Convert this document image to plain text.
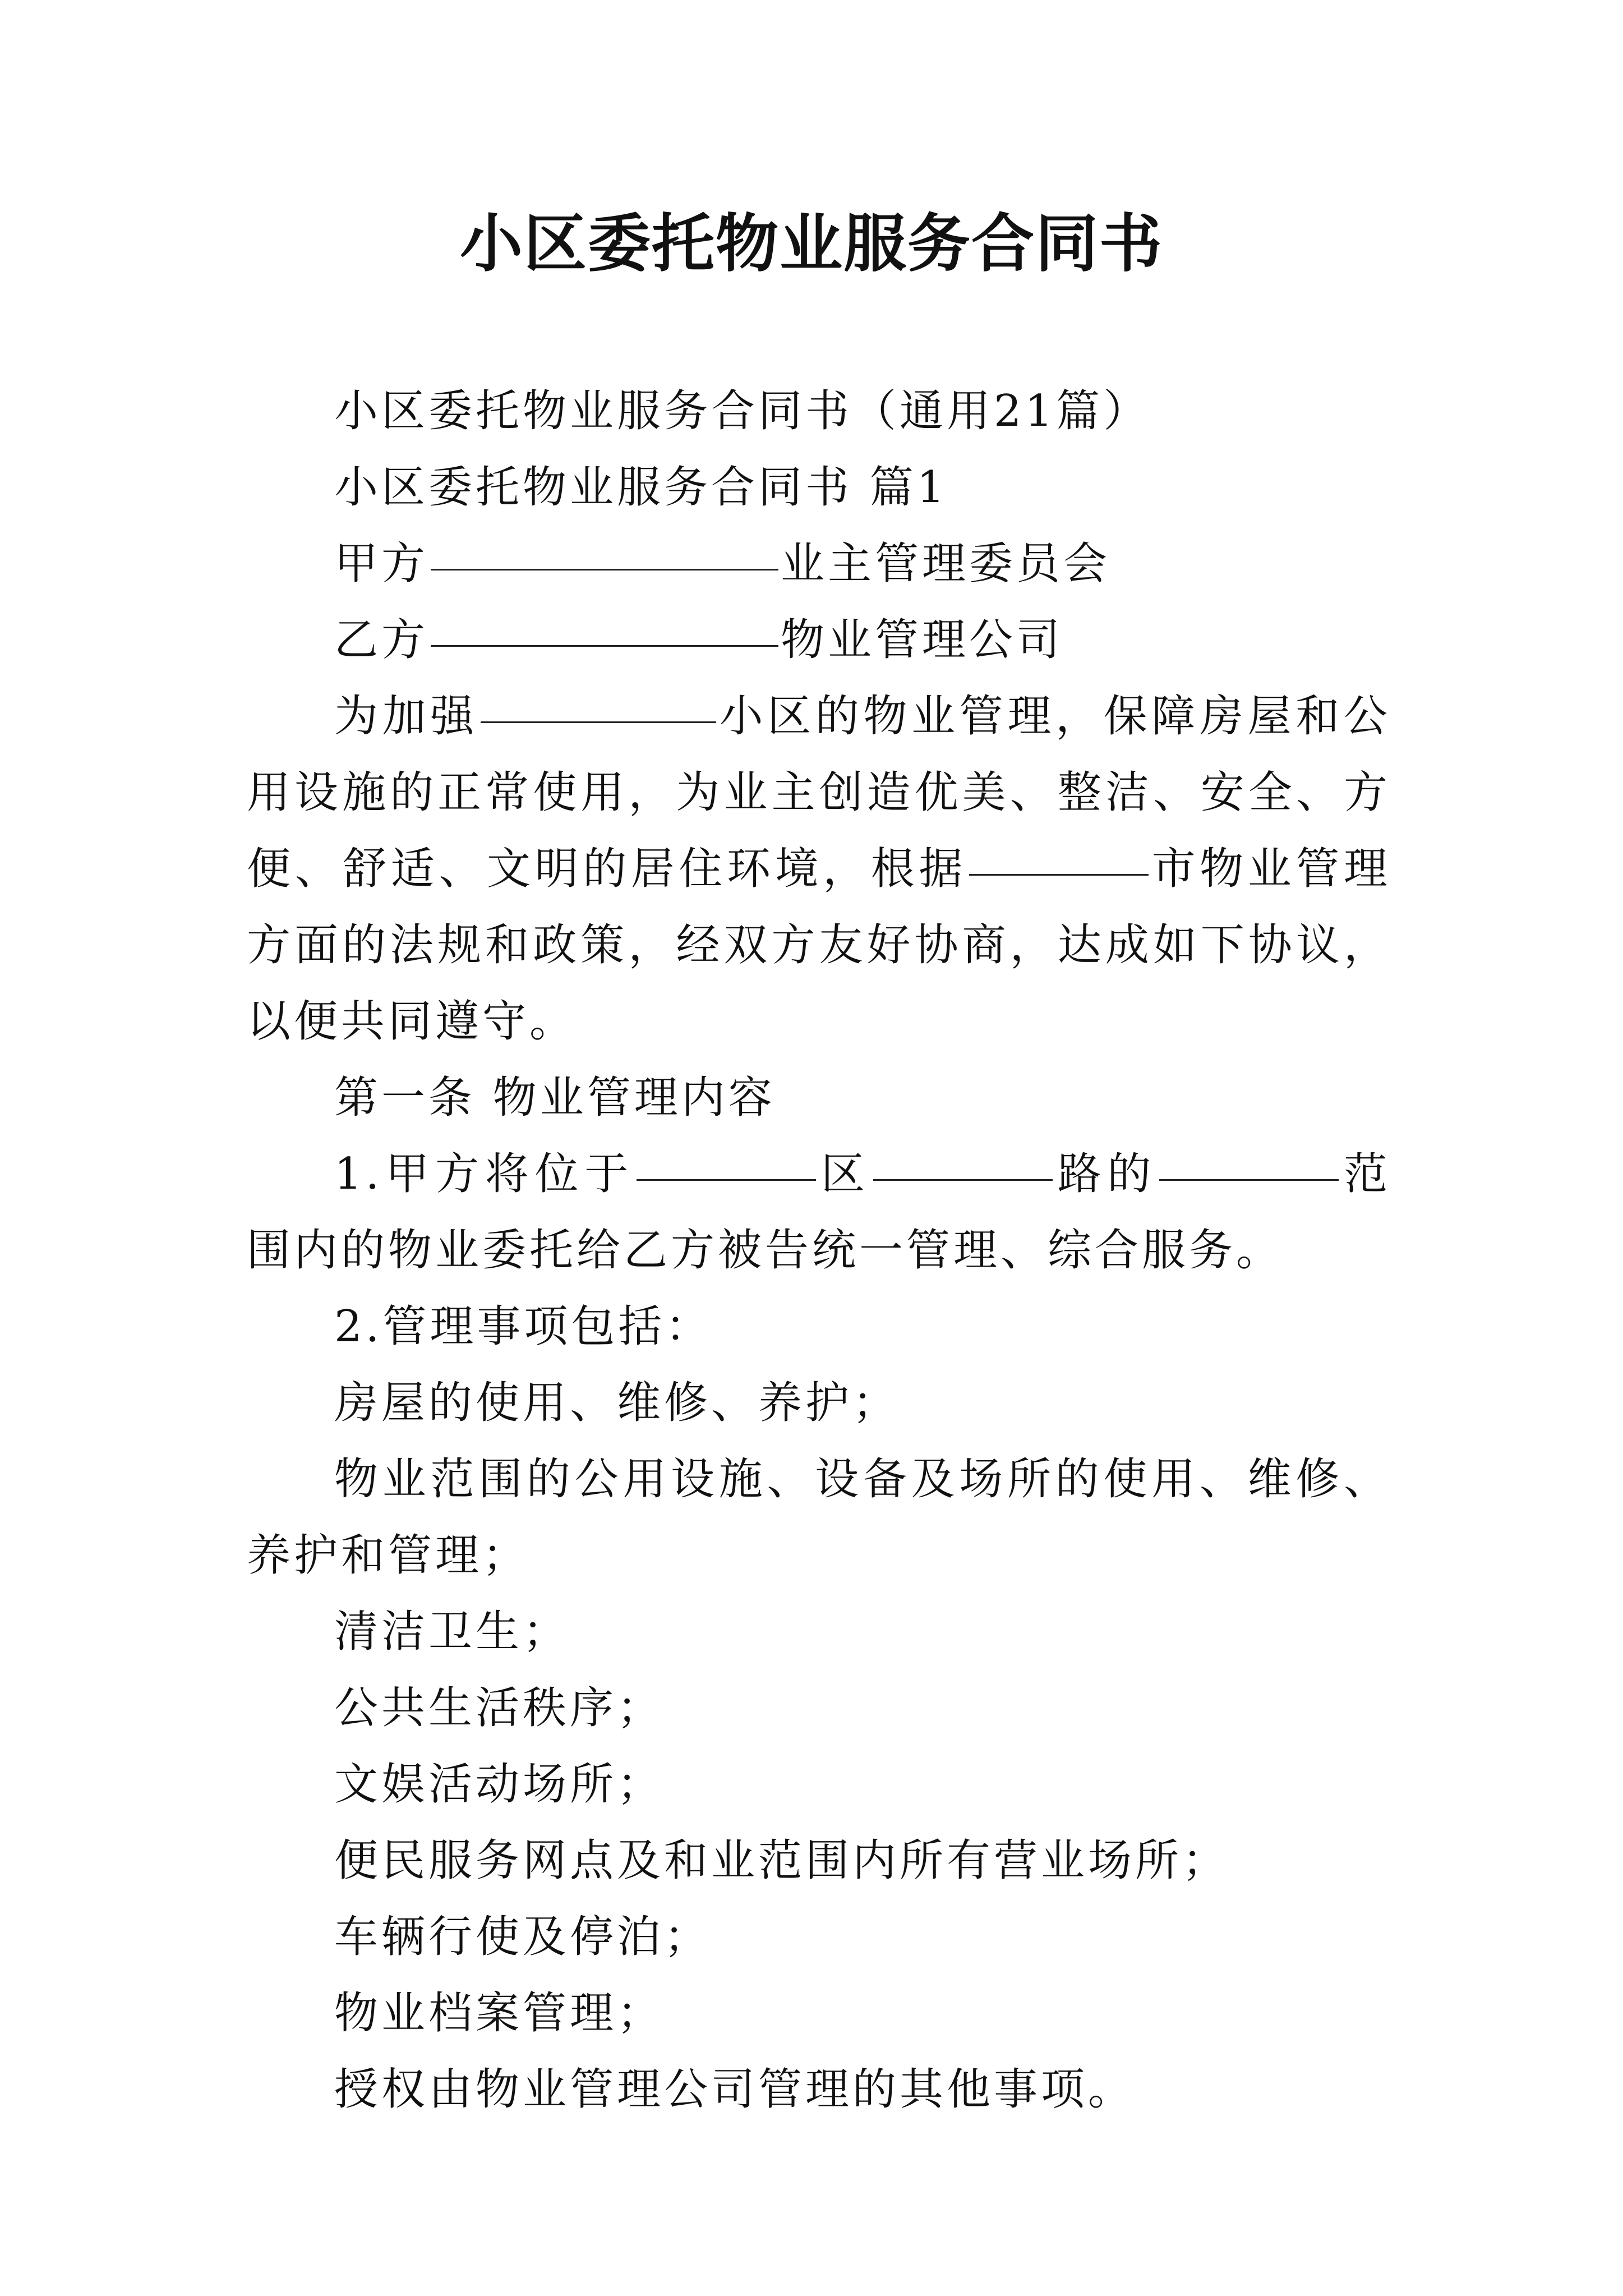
小区委托物业服务合同书

小区委托物业服务合同书（通用21篇）

小区委托物业服务合同书 篇1

甲方	业主管理委员会

乙方	物业管理公司

为加强	小区的物业管理，保障房屋和公用设施的正常使用，为业主创造优美、整洁、安全、方便、舒适、文明的居住环境，根据	市物业管理方面的法规和政策，经双方友好协商，达成如下协议，以便共同遵守。

第一条 物业管理内容

1.甲方将位于	区	路的	范围内的物业委托给乙方被告统一管理、综合服务。

2.管理事项包括：

房屋的使用、维修、养护；

物业范围的公用设施、设备及场所的使用、维修、养护和管理；

清洁卫生；

公共生活秩序；

文娱活动场所；

便民服务网点及和业范围内所有营业场所；

车辆行使及停泊；

物业档案管理；

授权由物业管理公司管理的其他事项。
